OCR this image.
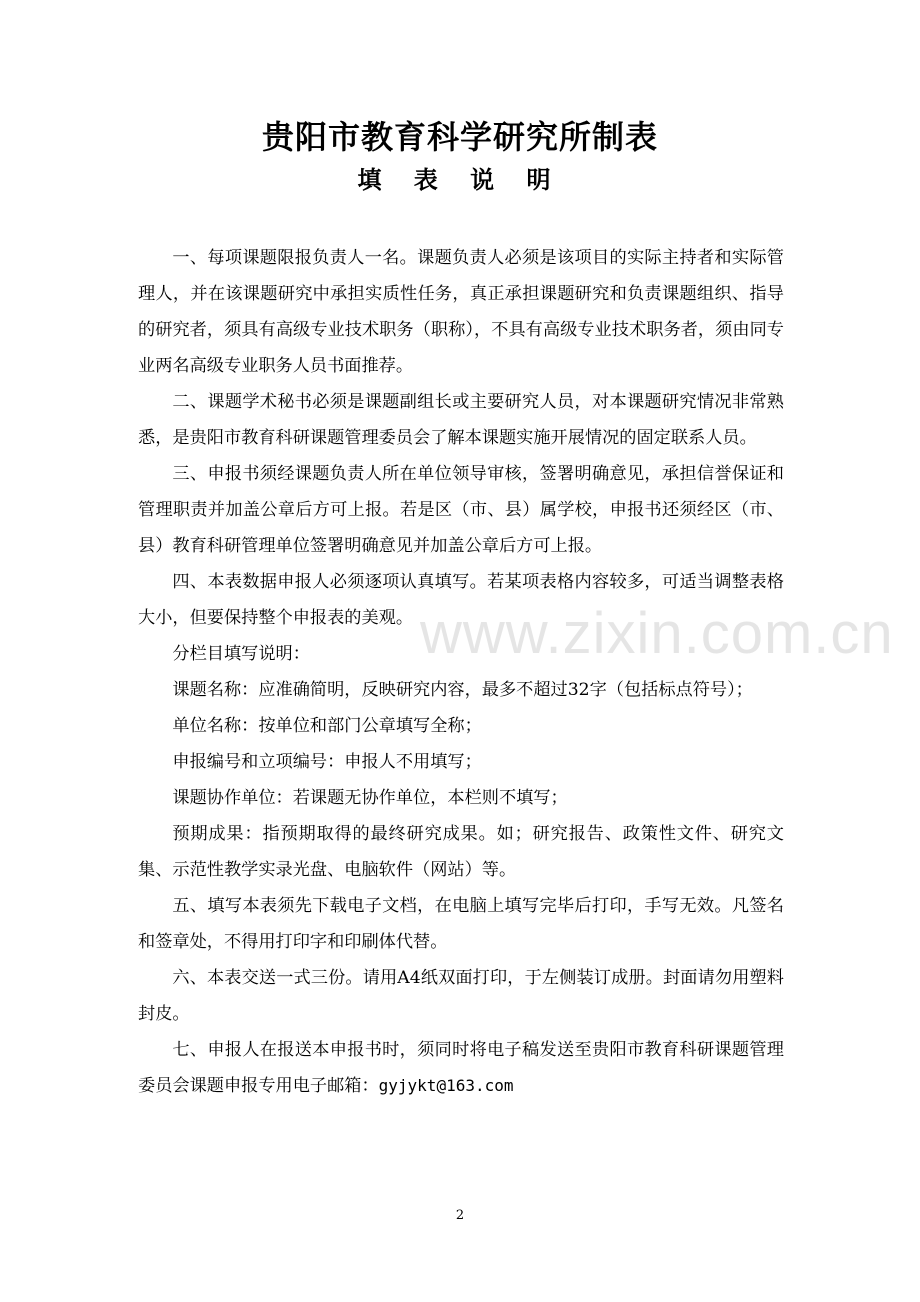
贵阳市教育科学研究所制表
填 表 说 明

一、每项课题限报负责人一名。课题负责人必须是该项目的实际主持者和实际管理人，并在该课题研究中承担实质性任务，真正承担课题研究和负责课题组织、指导的研究者，须具有高级专业技术职务（职称），不具有高级专业技术职务者，须由同专业两名高级专业职务人员书面推荐。

二、课题学术秘书必须是课题副组长或主要研究人员，对本课题研究情况非常熟悉，是贵阳市教育科研课题管理委员会了解本课题实施开展情况的固定联系人员。

三、申报书须经课题负责人所在单位领导审核，签署明确意见，承担信誉保证和管理职责并加盖公章后方可上报。若是区（市、县）属学校，申报书还须经区（市、县）教育科研管理单位签署明确意见并加盖公章后方可上报。

四、本表数据申报人必须逐项认真填写。若某项表格内容较多，可适当调整表格大小，但要保持整个申报表的美观。

分栏目填写说明：

课题名称：应准确简明，反映研究内容，最多不超过32字（包括标点符号）；

单位名称：按单位和部门公章填写全称；

申报编号和立项编号：申报人不用填写；

课题协作单位：若课题无协作单位，本栏则不填写；

预期成果：指预期取得的最终研究成果。如；研究报告、政策性文件、研究文集、示范性教学实录光盘、电脑软件（网站）等。

五、填写本表须先下载电子文档，在电脑上填写完毕后打印，手写无效。凡签名和签章处，不得用打印字和印刷体代替。

六、本表交送一式三份。请用A4纸双面打印，于左侧装订成册。封面请勿用塑料封皮。

七、申报人在报送本申报书时，须同时将电子稿发送至贵阳市教育科研课题管理委员会课题申报专用电子邮箱：gyjykt@163.com

www.zixin.com.cn
2
